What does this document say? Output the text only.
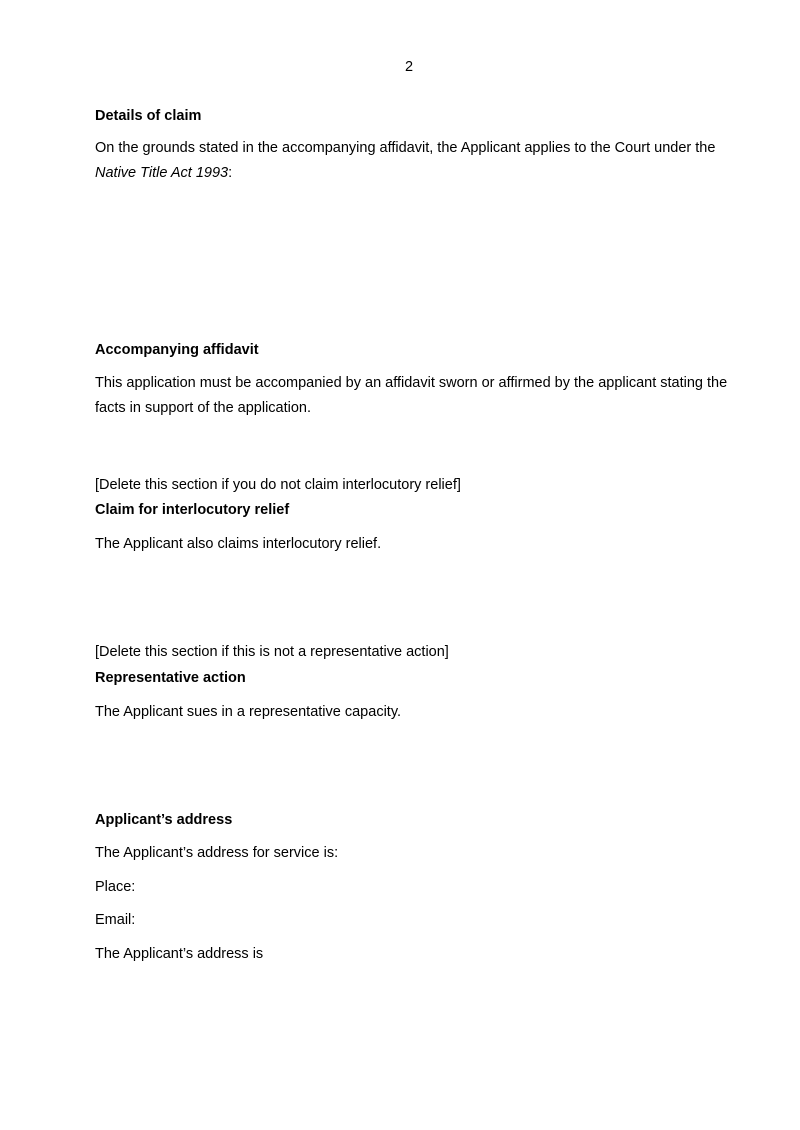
2

Details of claim

On the grounds stated in the accompanying affidavit, the Applicant applies to the Court under the Native Title Act 1993:

Accompanying affidavit

This application must be accompanied by an affidavit sworn or affirmed by the applicant stating the facts in support of the application.

[Delete this section if you do not claim interlocutory relief]

Claim for interlocutory relief

The Applicant also claims interlocutory relief.

[Delete this section if this is not a representative action]

Representative action

The Applicant sues in a representative capacity.

Applicant’s address

The Applicant’s address for service is:

Place:

Email:

The Applicant’s address is
